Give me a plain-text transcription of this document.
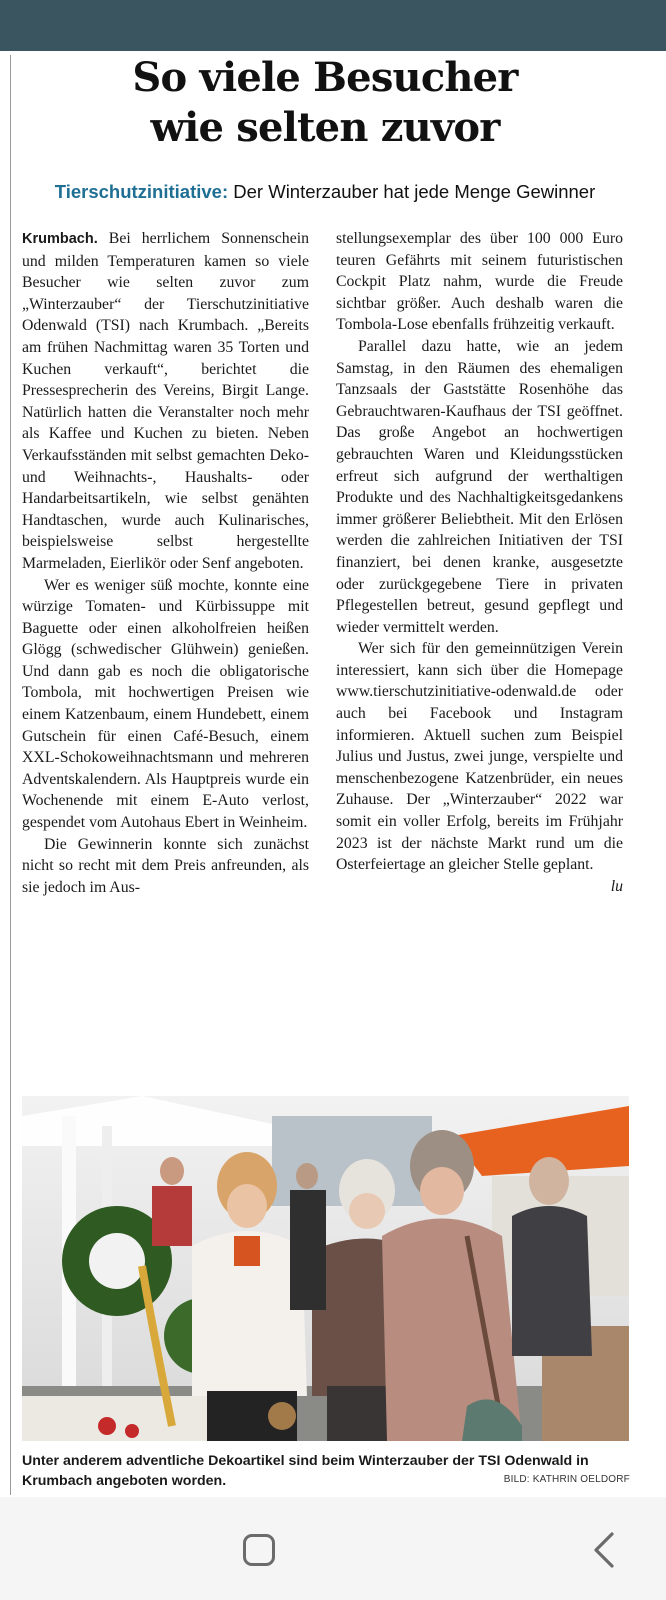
So viele Besucher
wie selten zuvor
Tierschutzinitiative: Der Winterzauber hat jede Menge Gewinner

Krumbach. Bei herrlichem Sonnenschein und milden Temperaturen kamen so viele Besucher wie selten zuvor zum „Winterzauber“ der Tierschutzinitiative Odenwald (TSI) nach Krumbach. „Bereits am frühen Nachmittag waren 35 Torten und Kuchen verkauft“, berichtet die Pressesprecherin des Vereins, Birgit Lange. Natürlich hatten die Veranstalter noch mehr als Kaffee und Kuchen zu bieten. Neben Verkaufsständen mit selbst gemachten Deko- und Weihnachts-, Haushalts- oder Handarbeitsartikeln, wie selbst genähten Handtaschen, wurde auch Kulinarisches, beispielsweise selbst hergestellte Marmeladen, Eierlikör oder Senf angeboten.

Wer es weniger süß mochte, konnte eine würzige Tomaten- und Kürbissuppe mit Baguette oder einen alkoholfreien heißen Glögg (schwedischer Glühwein) genießen. Und dann gab es noch die obligatorische Tombola, mit hochwertigen Preisen wie einem Katzenbaum, einem Hundebett, einem Gutschein für einen Café-Besuch, einem XXL-Schokoweihnachtsmann und mehreren Adventskalendern. Als Hauptpreis wurde ein Wochenende mit einem E-Auto verlost, gespendet vom Autohaus Ebert in Weinheim.

Die Gewinnerin konnte sich zunächst nicht so recht mit dem Preis anfreunden, als sie jedoch im Aus-

stellungsexemplar des über 100 000 Euro teuren Gefährts mit seinem futuristischen Cockpit Platz nahm, wurde die Freude sichtbar größer. Auch deshalb waren die Tombola-Lose ebenfalls frühzeitig verkauft.

Parallel dazu hatte, wie an jedem Samstag, in den Räumen des ehemaligen Tanzsaals der Gaststätte Rosenhöhe das Gebrauchtwaren-Kaufhaus der TSI geöffnet. Das große Angebot an hochwertigen gebrauchten Waren und Kleidungsstücken erfreut sich aufgrund der werthaltigen Produkte und des Nachhaltigkeitsgedankens immer größerer Beliebtheit. Mit den Erlösen werden die zahlreichen Initiativen der TSI finanziert, bei denen kranke, ausgesetzte oder zurückgegebene Tiere in privaten Pflegestellen betreut, gesund gepflegt und wieder vermittelt werden.

Wer sich für den gemeinnützigen Verein interessiert, kann sich über die Homepage www.tierschutzinitiative-odenwald.de oder auch bei Facebook und Instagram informieren. Aktuell suchen zum Beispiel Julius und Justus, zwei junge, verspielte und menschenbezogene Katzenbrüder, ein neues Zuhause. Der „Winterzauber“ 2022 war somit ein voller Erfolg, bereits im Frühjahr 2023 ist der nächste Markt rund um die Osterfeiertage an gleicher Stelle geplant.
lu

Unter anderem adventliche Dekoartikel sind beim Winterzauber der TSI Odenwald in Krumbach angeboten worden.	BILD: KATHRIN OELDORF
